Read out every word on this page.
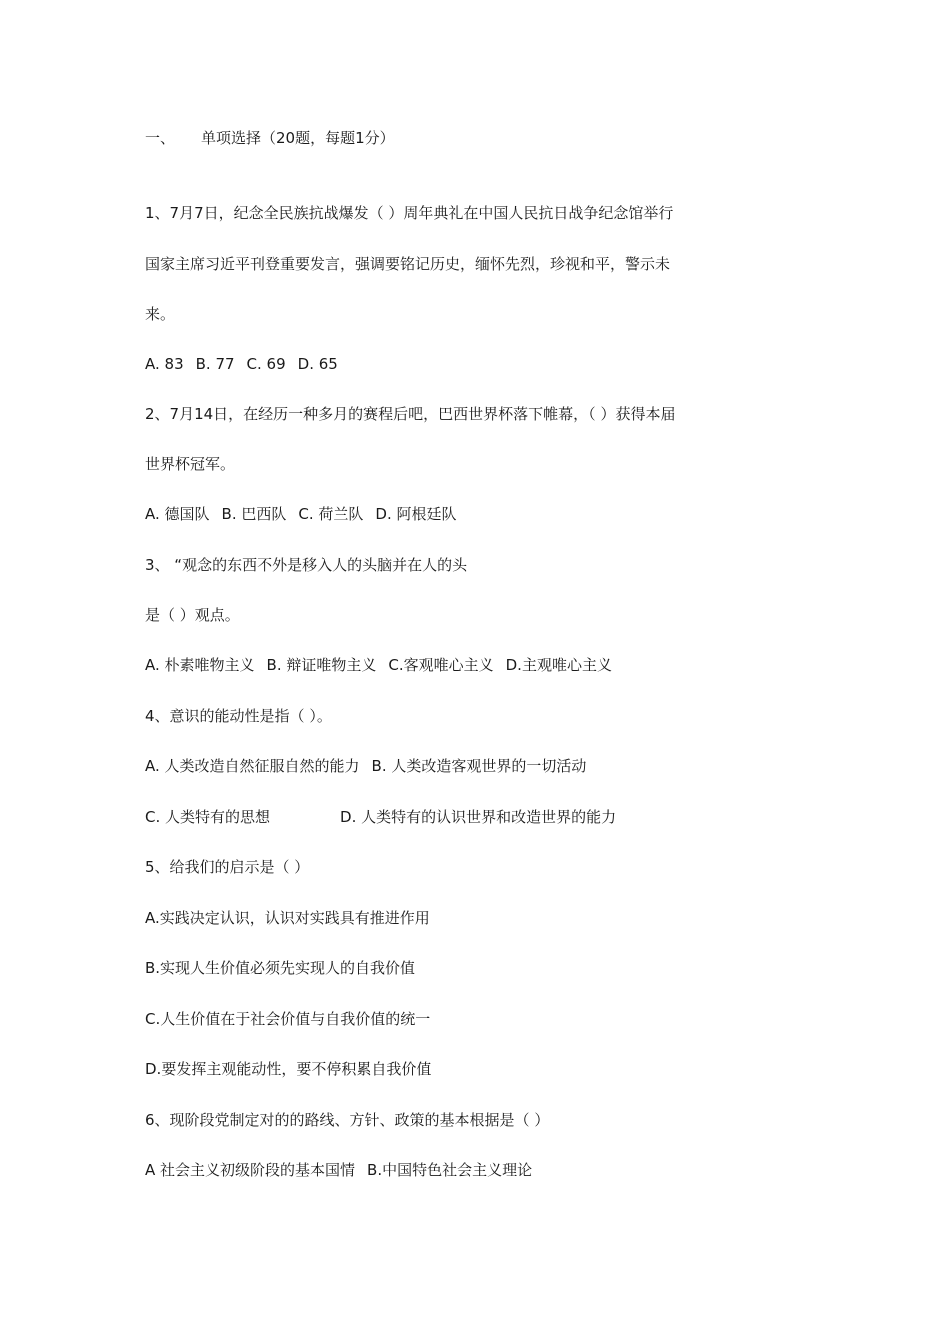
一、 单项选择（20题，每题1分）
1、7月7日，纪念全民族抗战爆发（ ）周年典礼在中国人民抗日战争纪念馆举行
国家主席习近平刊登重要发言，强调要铭记历史，缅怀先烈，珍视和平，警示未
来。
A. 83 B. 77 C. 69 D. 65
2、7月14日，在经历一种多月的赛程后吧，巴西世界杯落下帷幕，（ ）获得本届
世界杯冠军。
A. 德国队 B. 巴西队 C. 荷兰队 D. 阿根廷队
3、 “观念的东西不外是移入人的头脑并在人的头
是（ ）观点。
A. 朴素唯物主义 B. 辩证唯物主义 C.客观唯心主义 D.主观唯心主义
4、意识的能动性是指（ ）。
A. 人类改造自然征服自然的能力 B. 人类改造客观世界的一切活动
C. 人类特有的思想	D. 人类特有的认识世界和改造世界的能力
5、给我们的启示是（ ）
A.实践决定认识，认识对实践具有推进作用
B.实现人生价值必须先实现人的自我价值
C.人生价值在于社会价值与自我价值的统一
D.要发挥主观能动性，要不停积累自我价值
6、现阶段党制定对的的路线、方针、政策的基本根据是（ ）
A 社会主义初级阶段的基本国情 B.中国特色社会主义理论
